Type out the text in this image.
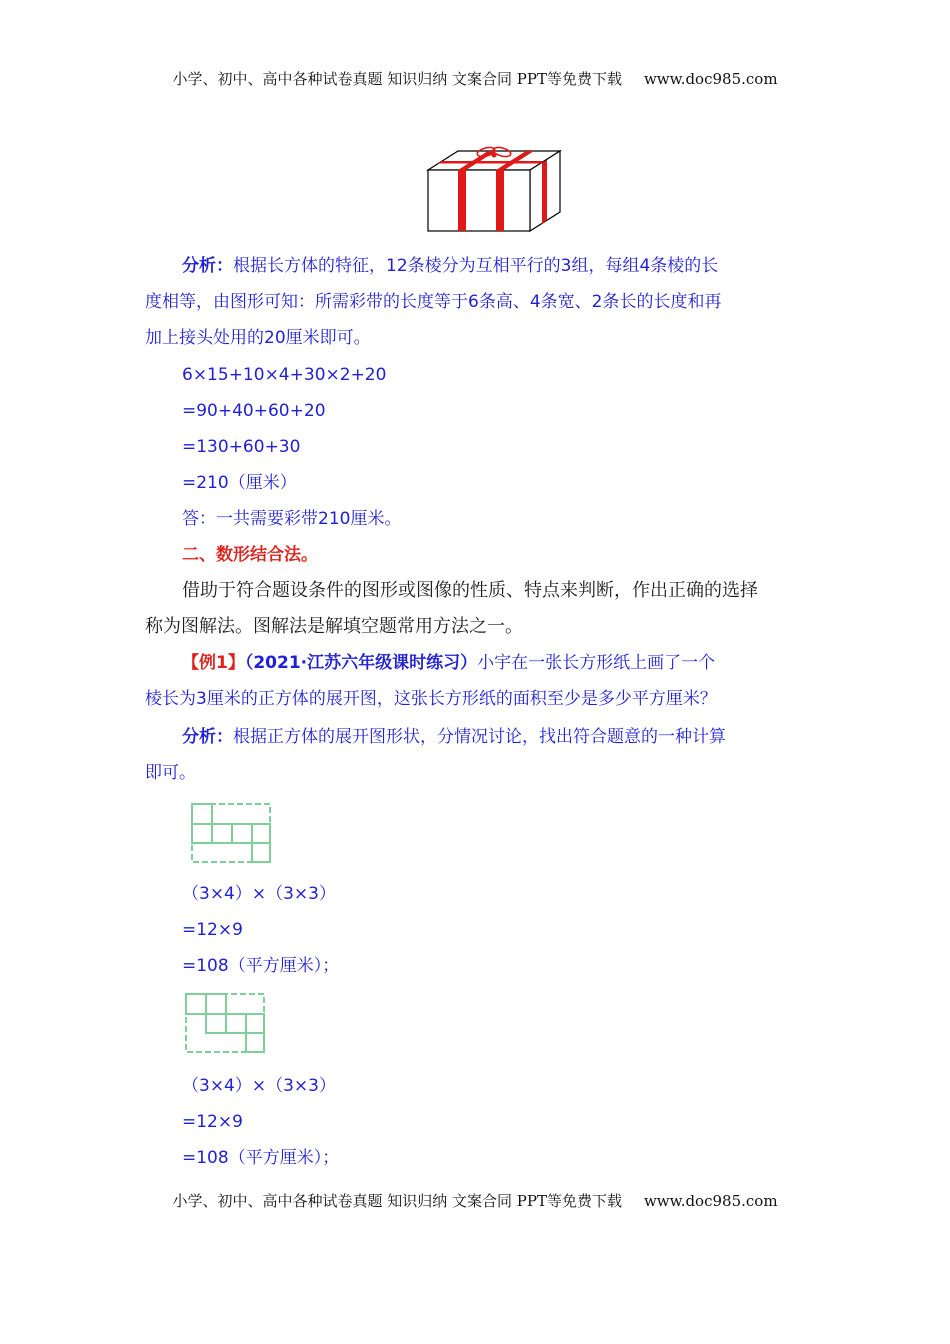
小学、初中、高中各种试卷真题 知识归纳 文案合同 PPT等免费下载 www.doc985.com
分析：根据长方体的特征，12条棱分为互相平行的3组，每组4条棱的长
度相等，由图形可知：所需彩带的长度等于6条高、4条宽、2条长的长度和再
加上接头处用的20厘米即可。
6×15+10×4+30×2+20
=90+40+60+20
=130+60+30
=210（厘米）
答：一共需要彩带210厘米。
二、数形结合法。
借助于符合题设条件的图形或图像的性质、特点来判断，作出正确的选择
称为图解法。图解法是解填空题常用方法之一。
【例1】（2021·江苏六年级课时练习）小宇在一张长方形纸上画了一个
棱长为3厘米的正方体的展开图，这张长方形纸的面积至少是多少平方厘米？
分析：根据正方体的展开图形状，分情况讨论，找出符合题意的一种计算
即可。
（3×4）×（3×3）
=12×9
=108（平方厘米）；
（3×4）×（3×3）
=12×9
=108（平方厘米）；
小学、初中、高中各种试卷真题 知识归纳 文案合同 PPT等免费下载 www.doc985.com
